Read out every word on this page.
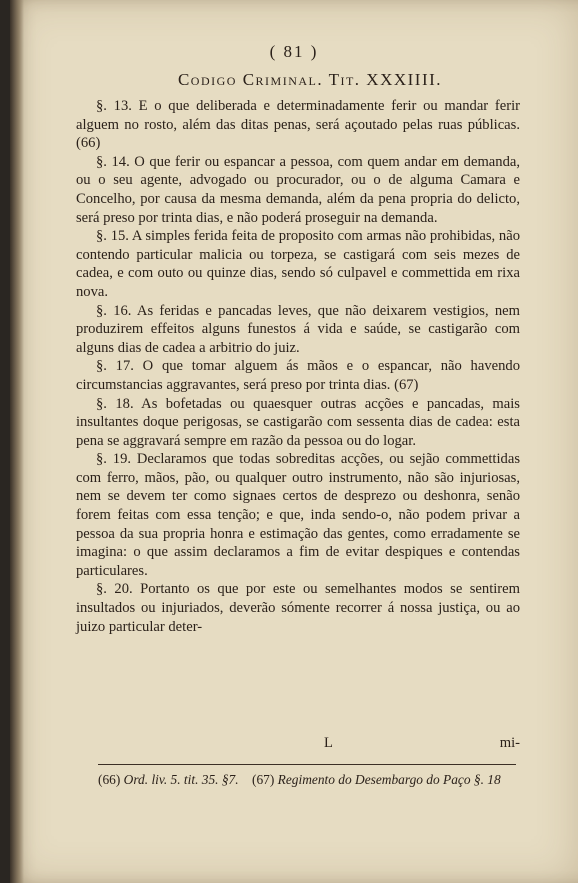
( 81 )
Codigo Criminal. Tit. XXXIIII.

§. 13. E o que deliberada e determinadamente ferir ou mandar ferir alguem no rosto, além das ditas penas, será açoutado pelas ruas públicas. (66)

§. 14. O que ferir ou espancar a pessoa, com quem andar em demanda, ou o seu agente, advogado ou procurador, ou o de alguma Camara e Concelho, por causa da mesma demanda, além da pena propria do delicto, será preso por trinta dias, e não poderá proseguir na demanda.

§. 15. A simples ferida feita de proposito com armas não prohibidas, não contendo particular malicia ou torpeza, se castigará com seis mezes de cadea, e com outo ou quinze dias, sendo só culpavel e commettida em rixa nova.

§. 16. As feridas e pancadas leves, que não deixarem vestigios, nem produzirem effeitos alguns funestos á vida e saúde, se castigarão com alguns dias de cadea a arbitrio do juiz.

§. 17. O que tomar alguem ás mãos e o espancar, não havendo circumstancias aggravantes, será preso por trinta dias. (67)

§. 18. As bofetadas ou quaesquer outras acções e pancadas, mais insultantes doque perigosas, se castigarão com sessenta dias de cadea: esta pena se aggravará sempre em razão da pessoa ou do logar.

§. 19. Declaramos que todas sobreditas acções, ou sejão commettidas com ferro, mãos, pão, ou qualquer outro instrumento, não são injuriosas, nem se devem ter como signaes certos de desprezo ou deshonra, senão forem feitas com essa tenção; e que, inda sendo-o, não podem privar a pessoa da sua propria honra e estimação das gentes, como erradamente se imagina: o que assim declaramos a fim de evitar despiques e contendas particulares.

§. 20. Portanto os que por este ou semelhantes modos se sentirem insultados ou injuriados, deverão sómente recorrer á nossa justiça, ou ao juizo particular deter-

L	mi-
(66) Ord. liv. 5. tit. 35. §7. (67) Regimento do Desembargo do Paço §. 18
